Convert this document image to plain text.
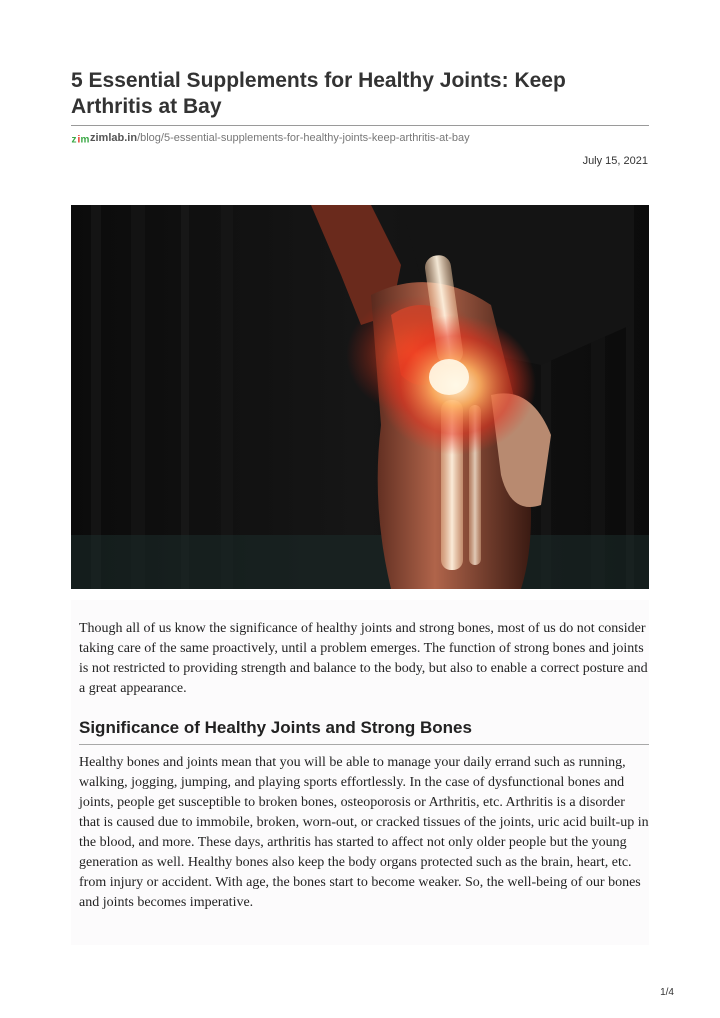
5 Essential Supplements for Healthy Joints: Keep Arthritis at Bay
z i m zimlab.in /blog/5-essential-supplements-for-healthy-joints-keep-arthritis-at-bay
July 15, 2021

Though all of us know the significance of healthy joints and strong bones, most of us do not consider taking care of the same proactively, until a problem emerges. The function of strong bones and joints is not restricted to providing strength and balance to the body, but also to enable a correct posture and a great appearance.

Significance of Healthy Joints and Strong Bones

Healthy bones and joints mean that you will be able to manage your daily errand such as running, walking, jogging, jumping, and playing sports effortlessly. In the case of dysfunctional bones and joints, people get susceptible to broken bones, osteoporosis or Arthritis, etc. Arthritis is a disorder that is caused due to immobile, broken, worn-out, or cracked tissues of the joints, uric acid built-up in the blood, and more. These days, arthritis has started to affect not only older people but the young generation as well. Healthy bones also keep the body organs protected such as the brain, heart, etc. from injury or accident. With age, the bones start to become weaker. So, the well-being of our bones and joints becomes imperative.

1/4
